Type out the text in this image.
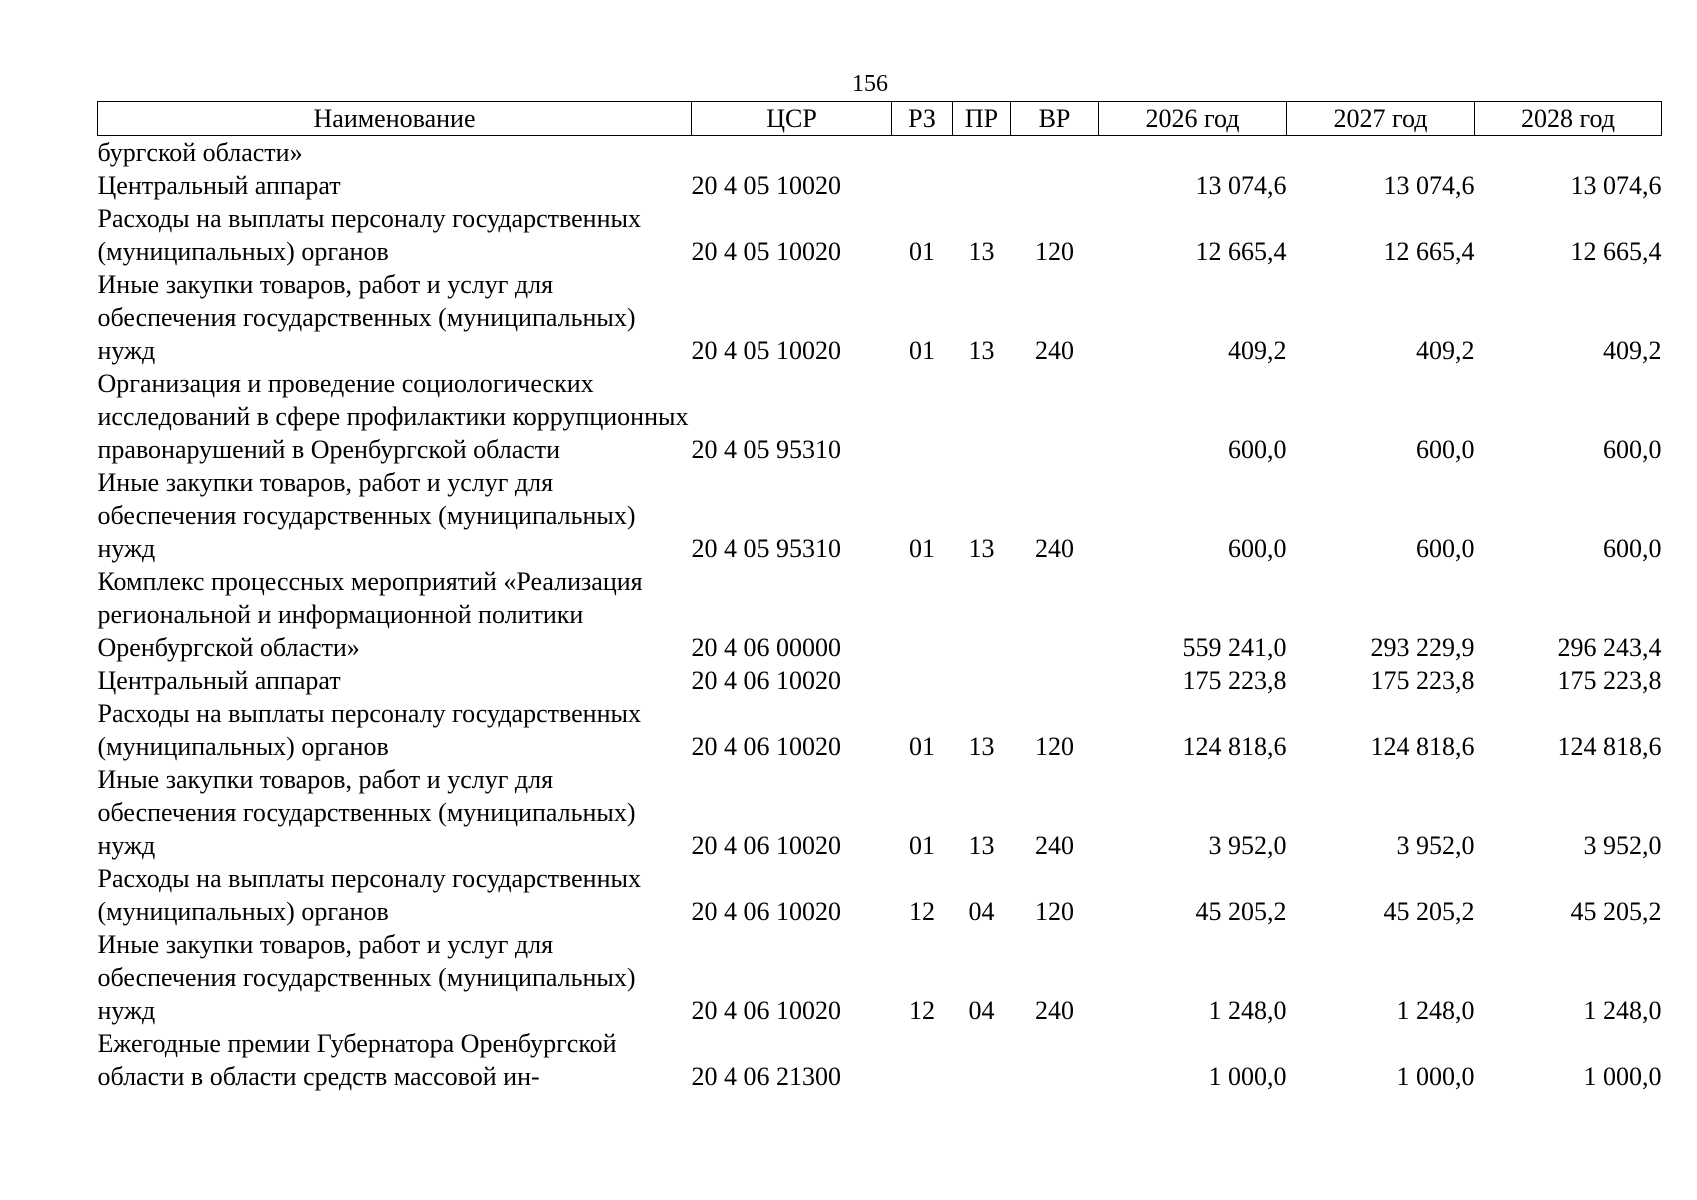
156
Наименование	ЦСР	РЗ	ПР	ВР	2026 год	2027 год	2028 год
бургской области»							
Центральный аппарат	20 4 05 10020				13 074,6	13 074,6	13 074,6
Расходы на выплаты персоналу государственных (муниципальных) органов	20 4 05 10020	01	13	120	12 665,4	12 665,4	12 665,4
Иные закупки товаров, работ и услуг для обеспечения государственных (муниципальных) нужд	20 4 05 10020	01	13	240	409,2	409,2	409,2
Организация и проведение социологических исследований в сфере профилактики коррупционных правонарушений в Оренбургской области	20 4 05 95310				600,0	600,0	600,0
Иные закупки товаров, работ и услуг для обеспечения государственных (муниципальных) нужд	20 4 05 95310	01	13	240	600,0	600,0	600,0
Комплекс процессных мероприятий «Реализация региональной и информационной политики Оренбургской области»	20 4 06 00000				559 241,0	293 229,9	296 243,4
Центральный аппарат	20 4 06 10020				175 223,8	175 223,8	175 223,8
Расходы на выплаты персоналу государственных (муниципальных) органов	20 4 06 10020	01	13	120	124 818,6	124 818,6	124 818,6
Иные закупки товаров, работ и услуг для обеспечения государственных (муниципальных) нужд	20 4 06 10020	01	13	240	3 952,0	3 952,0	3 952,0
Расходы на выплаты персоналу государственных (муниципальных) органов	20 4 06 10020	12	04	120	45 205,2	45 205,2	45 205,2
Иные закупки товаров, работ и услуг для обеспечения государственных (муниципальных) нужд	20 4 06 10020	12	04	240	1 248,0	1 248,0	1 248,0
Ежегодные премии Губернатора Оренбургской области в области средств массовой ин-	20 4 06 21300				1 000,0	1 000,0	1 000,0
